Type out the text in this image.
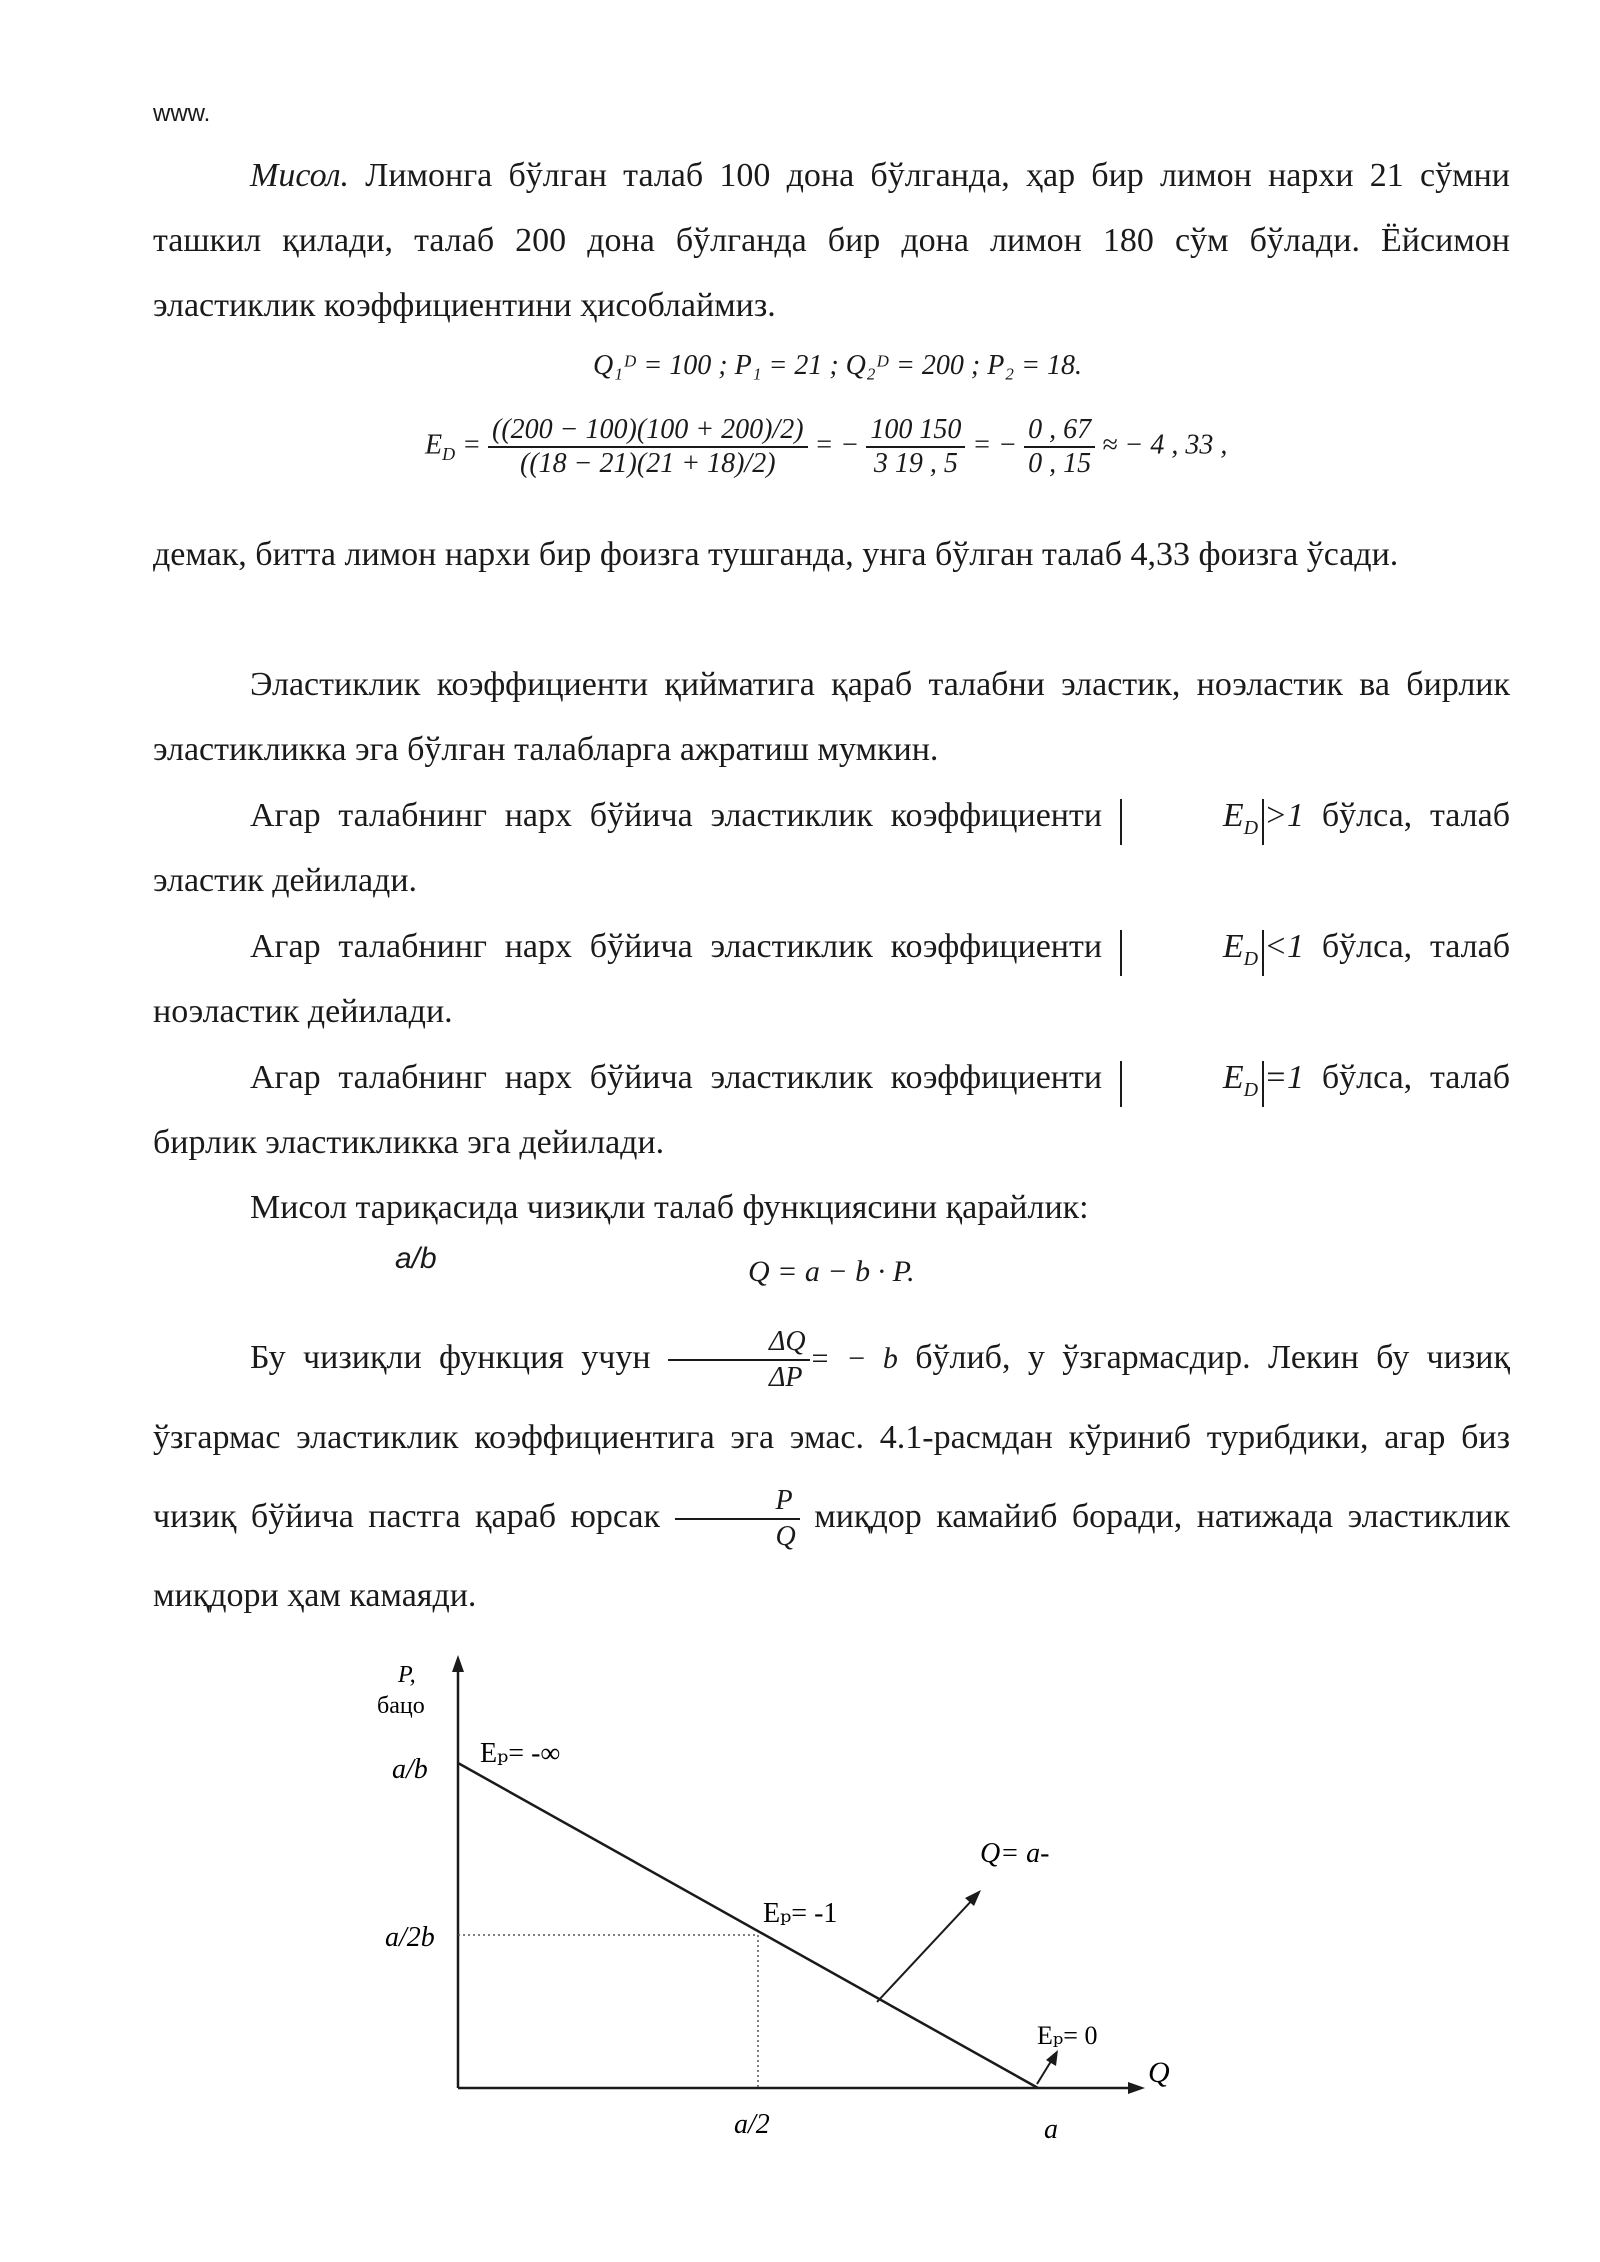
www.

Мисол. Лимонга бўлган талаб 100 дона бўлганда, ҳар бир лимон нархи 21 сўмни ташкил қилади, талаб 200 дона бўлганда бир дона лимон 180 сўм бўлади. Ёйсимон эластиклик коэффициентини ҳисоблаймиз.

Q₁ᴰ = 100 ; P₁ = 21 ; Q₂ᴰ = 200 ; P₂ = 18.
$E_D = \frac{((200 - 100)(100 + 200)/2)}{((18 - 21)(21 + 18)/2)}$ = − $\frac{100 150}{3 19 , 5}$ = − $\frac{0 , 67}{0 , 15}$ ≈ − 4 , 33 ,

демак, битта лимон нархи бир фоизга тушганда, унга бўлган талаб 4,33 фоизга ўсади.

Эластиклик коэффициенти қийматига қараб талабни эластик, ноэластик ва бирлик эластикликка эга бўлган талабларга ажратиш мумкин.

Агар талабнинг нарх бўйича эластиклик коэффициенти	$E_D >1$ бўлса, талаб эластик дейилади.

Агар талабнинг нарх бўйича эластиклик коэффициенти	$E_D <1$ бўлса, талаб ноэластик дейилади.

Агар талабнинг нарх бўйича эластиклик коэффициенти	$E_D =1$ бўлса, талаб бирлик эластикликка эга дейилади.

Мисол тариқасида чизиқли талаб функциясини қарайлик:

a/b	Q = a − b · P.

Бу чизиқли функция учун $\frac{\Delta Q}{\Delta P}$ = − b бўлиб, у ўзгармасдир. Лекин бу чизиқ ўзгармас эластиклик коэффициентига эга эмас. 4.1-расмдан кўриниб турибдики, агар биз чизиқ бўйича пастга қараб юрсак $\frac{P}{Q}$ миқдор камайиб боради, натижада эластиклик миқдори ҳам камаяди.

P,
бацо
a/b
a/2b
a/2	a
Q
Eₚ= -∞
Eₚ= -1
Eₚ= 0
Q= a-
